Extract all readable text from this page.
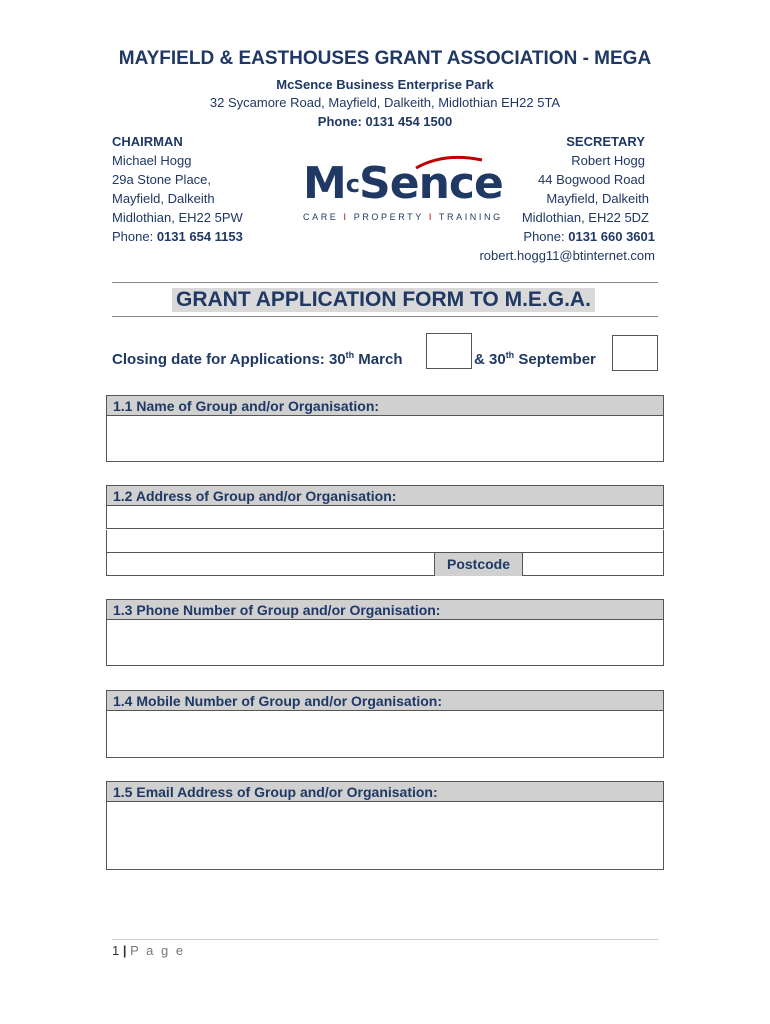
MAYFIELD & EASTHOUSES GRANT ASSOCIATION - MEGA
McSence Business Enterprise Park
32 Sycamore Road, Mayfield, Dalkeith, Midlothian EH22 5TA
Phone: 0131 454 1500
CHAIRMAN
Michael Hogg
29a Stone Place,
Mayfield, Dalkeith
Midlothian, EH22 5PW
Phone: 0131 654 1153
SECRETARY
Robert Hogg
44 Bogwood Road
Mayfield, Dalkeith
Midlothian, EH22 5DZ
Phone: 0131 660 3601
robert.hogg11@btinternet.com
$M^cSence$
CARE I PROPERTY I TRAINING
GRANT APPLICATION FORM TO M.E.G.A.
Closing date for Applications: 30th March	& 30th September
1.1 Name of Group and/or Organisation:
1.2 Address of Group and/or Organisation:
Postcode
1.3 Phone Number of Group and/or Organisation:
1.4 Mobile Number of Group and/or Organisation:
1.5 Email Address of Group and/or Organisation:
1 | P a g e
